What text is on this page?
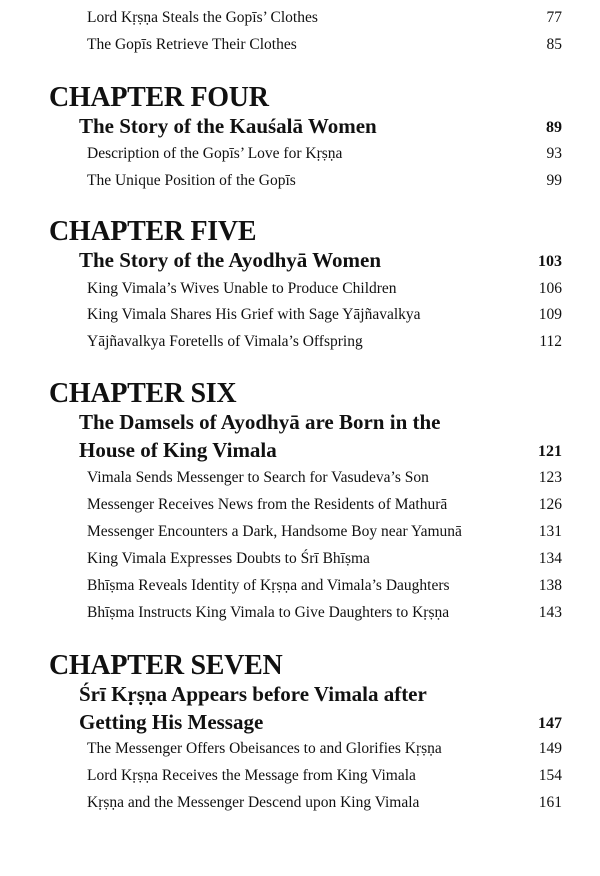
Lord Kṛṣṇa Steals the Gopīs’ Clothes	77
The Gopīs Retrieve Their Clothes	85
CHAPTER FOUR
The Story of the Kauśalā Women	89
Description of the Gopīs’ Love for Kṛṣṇa	93
The Unique Position of the Gopīs	99
CHAPTER FIVE
The Story of the Ayodhyā Women	103
King Vimala’s Wives Unable to Produce Children	106
King Vimala Shares His Grief with Sage Yājñavalkya	109
Yājñavalkya Foretells of Vimala’s Offspring	112
CHAPTER SIX
The Damsels of Ayodhyā are Born in the
House of King Vimala	121
Vimala Sends Messenger to Search for Vasudeva’s Son	123
Messenger Receives News from the Residents of Mathurā	126
Messenger Encounters a Dark, Handsome Boy near Yamunā	131
King Vimala Expresses Doubts to Śrī Bhīṣma	134
Bhīṣma Reveals Identity of Kṛṣṇa and Vimala’s Daughters	138
Bhīṣma Instructs King Vimala to Give Daughters to Kṛṣṇa	143
CHAPTER SEVEN
Śrī Kṛṣṇa Appears before Vimala after
Getting His Message	147
The Messenger Offers Obeisances to and Glorifies Kṛṣṇa	149
Lord Kṛṣṇa Receives the Message from King Vimala	154
Kṛṣṇa and the Messenger Descend upon King Vimala	161
